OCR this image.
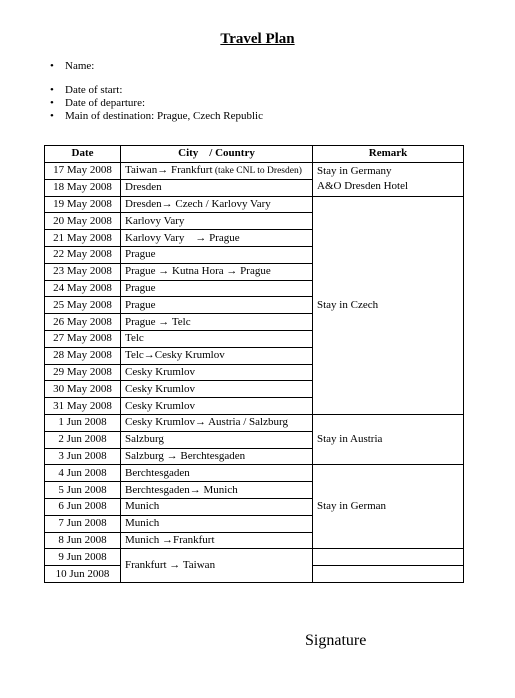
Travel Plan
•	Name:
•	Date of start:
•	Date of departure:
•	Main of destination: Prague, Czech Republic
Date	City    / Country	Remark
17 May 2008	Taiwan→ Frankfurt (take CNL to Dresden)	Stay in Germany
A&O Dresden Hotel

18 May 2008	Dresden	
19 May 2008	Dresden→ Czech / Karlovy Vary	Stay in Czech
20 May 2008	Karlovy Vary	
21 May 2008	Karlovy Vary    → Prague	
22 May 2008	Prague	
23 May 2008	Prague → Kutna Hora → Prague	
24 May 2008	Prague	
25 May 2008	Prague	
26 May 2008	Prague → Telc	
27 May 2008	Telc	
28 May 2008	Telc→Cesky Krumlov	
29 May 2008	Cesky Krumlov	
30 May 2008	Cesky Krumlov	
31 May 2008	Cesky Krumlov	
1 Jun 2008	Cesky Krumlov→ Austria / Salzburg	Stay in Austria
2 Jun 2008	Salzburg	
3 Jun 2008	Salzburg → Berchtesgaden	
4 Jun 2008	Berchtesgaden	Stay in German
5 Jun 2008	Berchtesgaden→ Munich	
6 Jun 2008	Munich	
7 Jun 2008	Munich	
8 Jun 2008	Munich →Frankfurt	
9 Jun 2008	Frankfurt → Taiwan	
10 Jun 2008		
Signature
